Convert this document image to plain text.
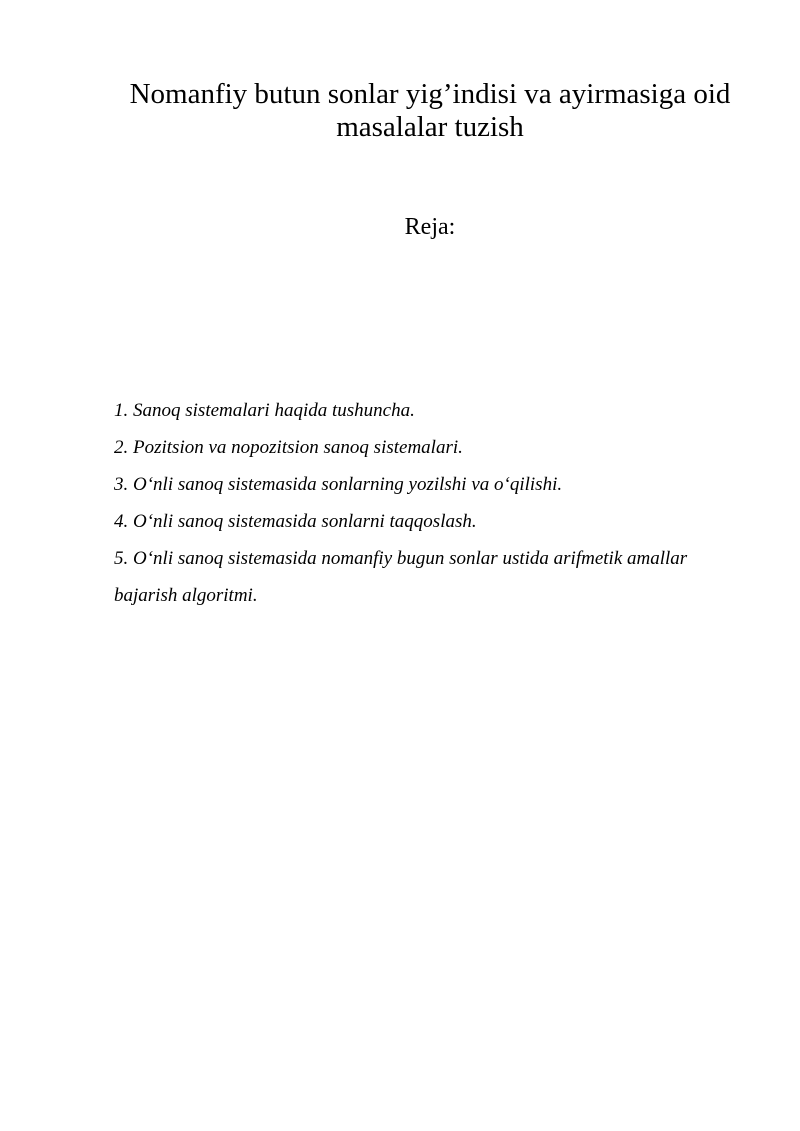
Nomanfiy butun sonlar yig’indisi va ayirmasiga oid masalalar tuzish
Reja:
1. Sanoq sistemalari haqida tushuncha.
2. Pozitsion va nopozitsion sanoq sistemalari.
3. O‘nli sanoq sistemasida sonlarning yozilshi va o‘qilishi.
4. O‘nli sanoq sistemasida sonlarni taqqoslash.
5. O‘nli sanoq sistemasida nomanfiy bugun sonlar ustida arifmetik amallar bajarish algoritmi.
